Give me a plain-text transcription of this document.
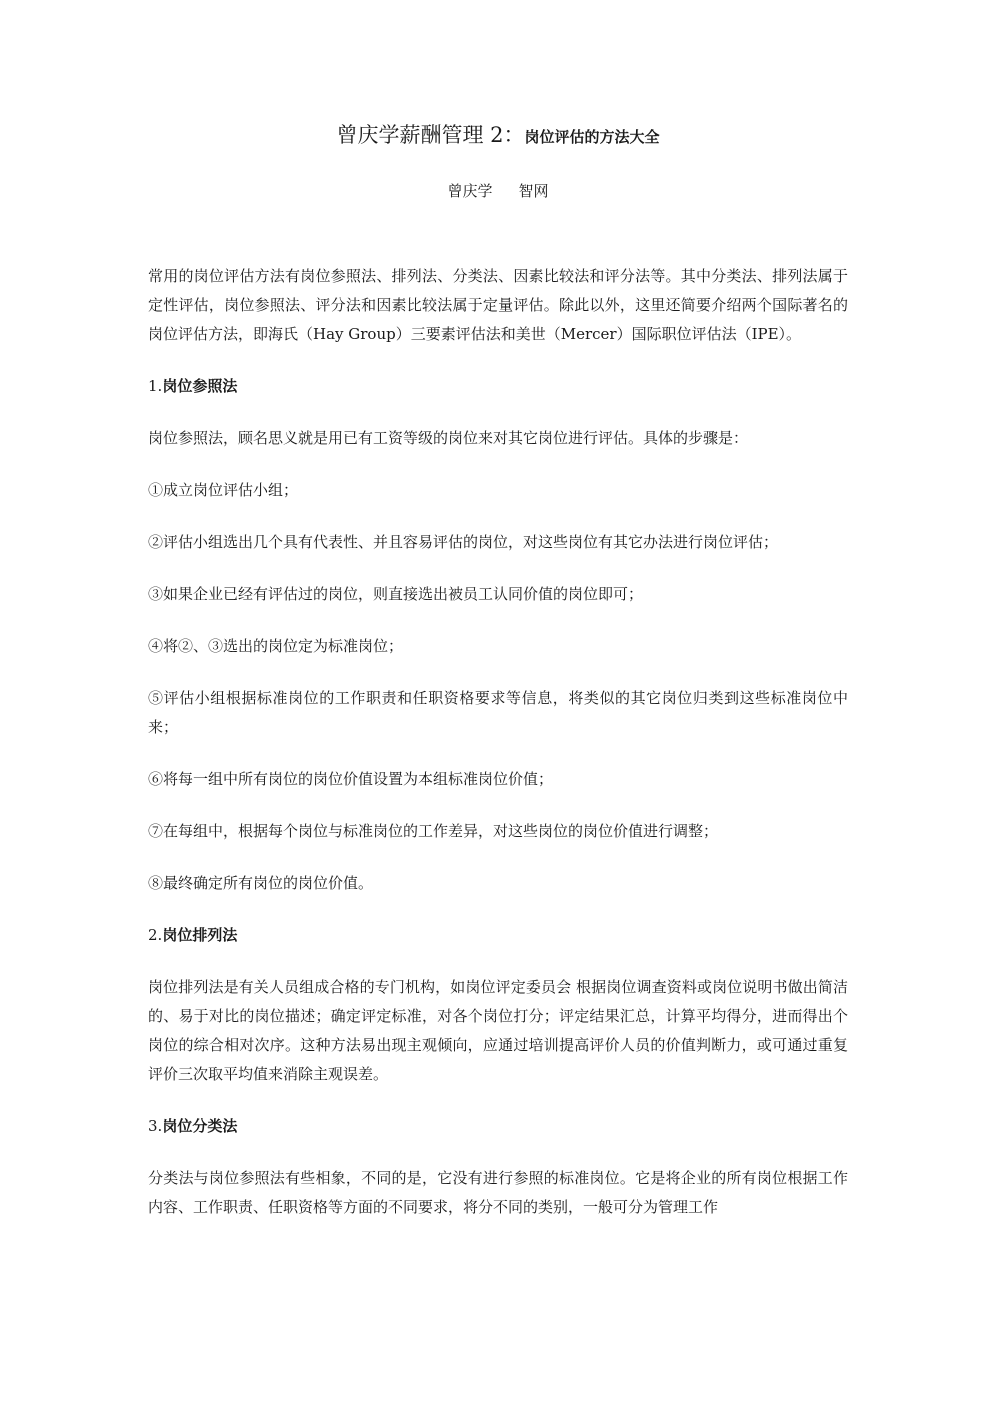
曾庆学薪酬管理 2：岗位评估的方法大全
曾庆学 智网

常用的岗位评估方法有岗位参照法、排列法、分类法、因素比较法和评分法等。其中分类法、排列法属于定性评估，岗位参照法、评分法和因素比较法属于定量评估。除此以外，这里还简要介绍两个国际著名的岗位评估方法，即海氏（Hay Group）三要素评估法和美世（Mercer）国际职位评估法（IPE）。

1.岗位参照法

岗位参照法，顾名思义就是用已有工资等级的岗位来对其它岗位进行评估。具体的步骤是：

①成立岗位评估小组；

②评估小组选出几个具有代表性、并且容易评估的岗位，对这些岗位有其它办法进行岗位评估；

③如果企业已经有评估过的岗位，则直接选出被员工认同价值的岗位即可；

④将②、③选出的岗位定为标准岗位；

⑤评估小组根据标准岗位的工作职责和任职资格要求等信息，将类似的其它岗位归类到这些标准岗位中来；

⑥将每一组中所有岗位的岗位价值设置为本组标准岗位价值；

⑦在每组中，根据每个岗位与标准岗位的工作差异，对这些岗位的岗位价值进行调整；

⑧最终确定所有岗位的岗位价值。

2.岗位排列法

岗位排列法是有关人员组成合格的专门机构，如岗位评定委员会 根据岗位调查资料或岗位说明书做出简洁的、易于对比的岗位描述；确定评定标准，对各个岗位打分；评定结果汇总，计算平均得分，进而得出个岗位的综合相对次序。这种方法易出现主观倾向，应通过培训提高评价人员的价值判断力，或可通过重复评价三次取平均值来消除主观误差。

3.岗位分类法

分类法与岗位参照法有些相象，不同的是，它没有进行参照的标准岗位。它是将企业的所有岗位根据工作内容、工作职责、任职资格等方面的不同要求，将分不同的类别，一般可分为管理工作
